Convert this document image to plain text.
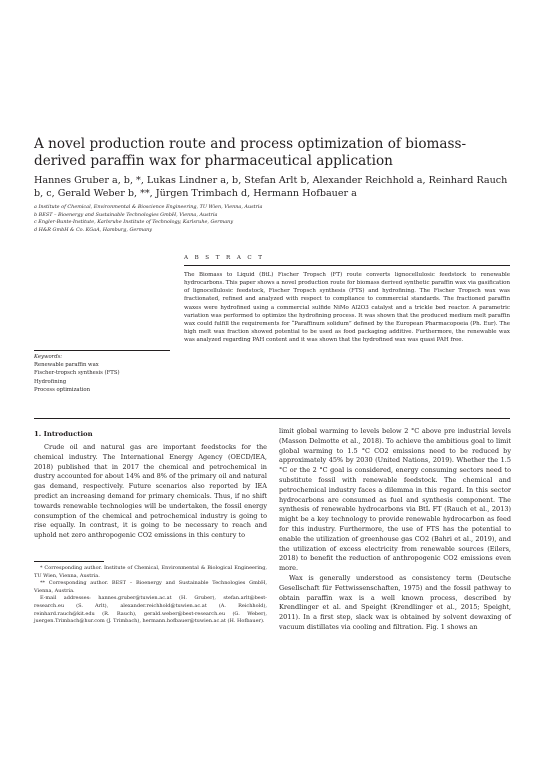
A novel production route and process optimization of biomass-derived paraffin wax for pharmaceutical application
Hannes Gruber a, b, *, Lukas Lindner a, b, Stefan Arlt b, Alexander Reichhold a, Reinhard Rauch b, c, Gerald Weber b, **, Jürgen Trimbach d, Hermann Hofbauer a
a Institute of Chemical, Environmental & Bioscience Engineering, TU Wien, Vienna, Austria
b BEST – Bioenergy and Sustainable Technologies GmbH, Vienna, Austria
c Engler-Bunte-Institute, Karlsruhe Institute of Technology, Karlsruhe, Germany
d H&R GmbH & Co. KGaA, Hamburg, Germany
A B S T R A C T

The Biomass to Liquid (BtL) Fischer Tropsch (FT) route converts lignocellulosic feedstock to renewable hydrocarbons. This paper shows a novel production route for biomass derived synthetic paraffin wax via gasification of lignocellulosic feedstock, Fischer Tropsch synthesis (FTS) and hydrofining. The Fischer Tropsch wax was fractionated, refined and analyzed with respect to compliance to commercial standards. The fractioned paraffin waxes were hydrofined using a commercial sulfide NiMo Al2O3 catalyst and a trickle bed reactor. A parametric variation was performed to optimize the hydrofining process. It was shown that the produced medium melt paraffin wax could fulfill the requirements for “Paraffinum solidum” defined by the European Pharmacopoeia (Ph. Eur). The high melt wax fraction showed potential to be used as food packaging additive. Furthermore, the renewable wax was analyzed regarding PAH content and it was shown that the hydrofined wax was quasi PAH free.

Keywords:
Renewable paraffin wax
Fischer-tropsch synthesis (FTS)
Hydrofining
Process optimization
1. Introduction

Crude oil and natural gas are important feedstocks for the chemical industry. The International Energy Agency (OECD/IEA, 2018) published that in 2017 the chemical and petrochemical in dustry accounted for about 14% and 8% of the primary oil and natural gas demand, respectively. Future scenarios also reported by IEA predict an increasing demand for primary chemicals. Thus, if no shift towards renewable technologies will be undertaken, the fossil energy consumption of the chemical and petrochemical industry is going to rise equally. In contrast, it is going to be necessary to reach and uphold net zero anthropogenic CO2 emissions in this century to

limit global warming to levels below 2 °C above pre industrial levels (Masson Delmotte et al., 2018). To achieve the ambitious goal to limit global warming to 1.5 °C CO2 emissions need to be reduced by approximately 45% by 2030 (United Nations, 2019). Whether the 1.5 °C or the 2 °C goal is considered, energy consuming sectors need to substitute fossil with renewable feedstock. The chemical and petrochemical industry faces a dilemma in this regard. In this sector hydrocarbons are consumed as fuel and synthesis component. The synthesis of renewable hydrocarbons via BtL FT (Rauch et al., 2013) might be a key technology to provide renewable hydrocarbon as feed for this industry. Furthermore, the use of FTS has the potential to enable the utilization of greenhouse gas CO2 (Bahri et al., 2019), and the utilization of excess electricity from renewable sources (Eilers, 2018) to benefit the reduction of anthropogenic CO2 emissions even more.

Wax is generally understood as consistency term (Deutsche Gesellschaft für Fettwissenschaften, 1975) and the fossil pathway to obtain paraffin wax is a well known process, described by Krendlinger et al. and Speight (Krendlinger et al., 2015; Speight, 2011). In a first step, slack wax is obtained by solvent dewaxing of vacuum distillates via cooling and filtration. Fig. 1 shows an

* Corresponding author. Institute of Chemical, Environmental & Biological Engineering, TU Wien, Vienna, Austria.

** Corresponding author. BEST – Bioenergy and Sustainable Technologies GmbH, Vienna, Austria.

E-mail addresses: hannes.gruber@tuwien.ac.at (H. Gruber), stefan.arlt@best-research.eu (S. Arlt), alexander.reichhold@tuwien.ac.at (A. Reichhold), reinhard.rauch@kit.edu (R. Rauch), gerald.weber@best-research.eu (G. Weber), juergen.Trimbach@hur.com (J. Trimbach), hermann.hofbauer@tuwien.ac.at (H. Hofbauer).
